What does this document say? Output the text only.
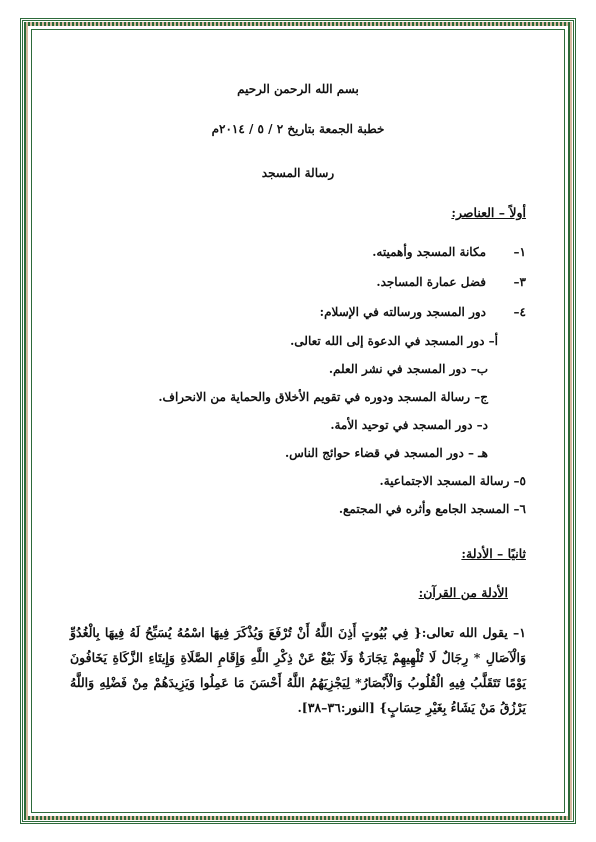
بسم الله الرحمن الرحيم
خطبة الجمعة بتاريخ ٢ / ٥ / ٢٠١٤م
رسالة المسجد
أولاً – العناصر:
١–مكانة المسجد وأهميته.
٣–فضل عمارة المساجد.
٤–دور المسجد ورسالته في الإسلام:
أ– دور المسجد في الدعوة إلى الله تعالى.
ب– دور المسجد في نشر العلم.
ج– رسالة المسجد ودوره في تقويم الأخلاق والحماية من الانحراف.
د– دور المسجد في توحيد الأمة.
هـ – دور المسجد في قضاء حوائج الناس.
٥– رسالة المسجد الاجتماعية.
٦– المسجد الجامع وأثره في المجتمع.
ثانيًا – الأدلة:
الأدلة من القرآن:
١– يقول الله تعالى:{ فِي بُيُوتٍ أَذِنَ اللَّهُ أَنْ تُرْفَعَ وَيُذْكَرَ فِيهَا اسْمُهُ يُسَبِّحُ لَهُ فِيهَا بِالْغُدُوِّ وَالْآصَالِ * رِجَالٌ لَا تُلْهِيهِمْ تِجَارَةٌ وَلَا بَيْعٌ عَنْ ذِكْرِ اللَّهِ وَإِقَامِ الصَّلَاةِ وَإِيتَاءِ الزَّكَاةِ يَخَافُونَ يَوْمًا تَتَقَلَّبُ فِيهِ الْقُلُوبُ وَالْأَبْصَارُ* لِيَجْزِيَهُمُ اللَّهُ أَحْسَنَ مَا عَمِلُوا وَيَزِيدَهُمْ مِنْ فَضْلِهِ وَاللَّهُ يَرْزُقُ مَنْ يَشَاءُ بِغَيْرِ حِسَابٍ} [النور:٣٦–٣٨].
